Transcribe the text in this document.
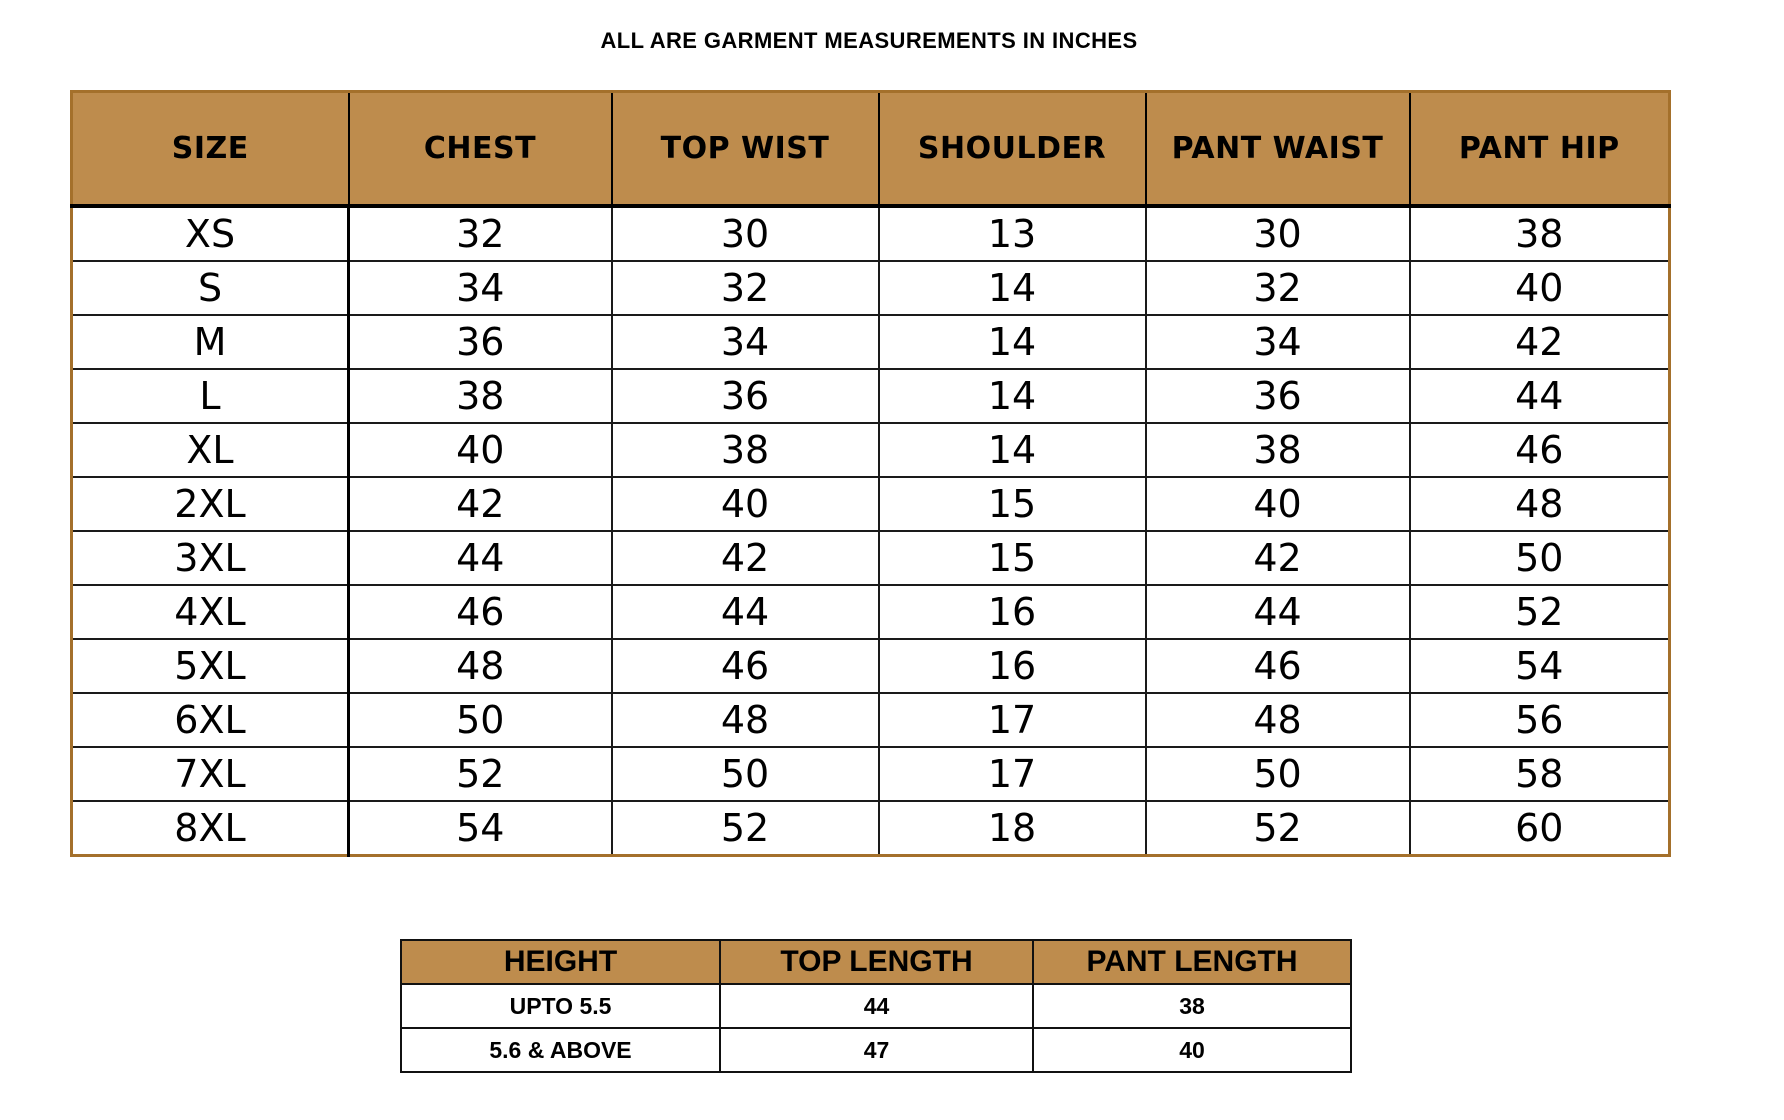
ALL ARE GARMENT MEASUREMENTS IN INCHES
SIZE	CHEST	TOP WIST	SHOULDER	PANT WAIST	PANT HIP
XS	32	30	13	30	38
S	34	32	14	32	40
M	36	34	14	34	42
L	38	36	14	36	44
XL	40	38	14	38	46
2XL	42	40	15	40	48
3XL	44	42	15	42	50
4XL	46	44	16	44	52
5XL	48	46	16	46	54
6XL	50	48	17	48	56
7XL	52	50	17	50	58
8XL	54	52	18	52	60
HEIGHT	TOP LENGTH	PANT LENGTH
UPTO 5.5	44	38
5.6 & ABOVE	47	40
